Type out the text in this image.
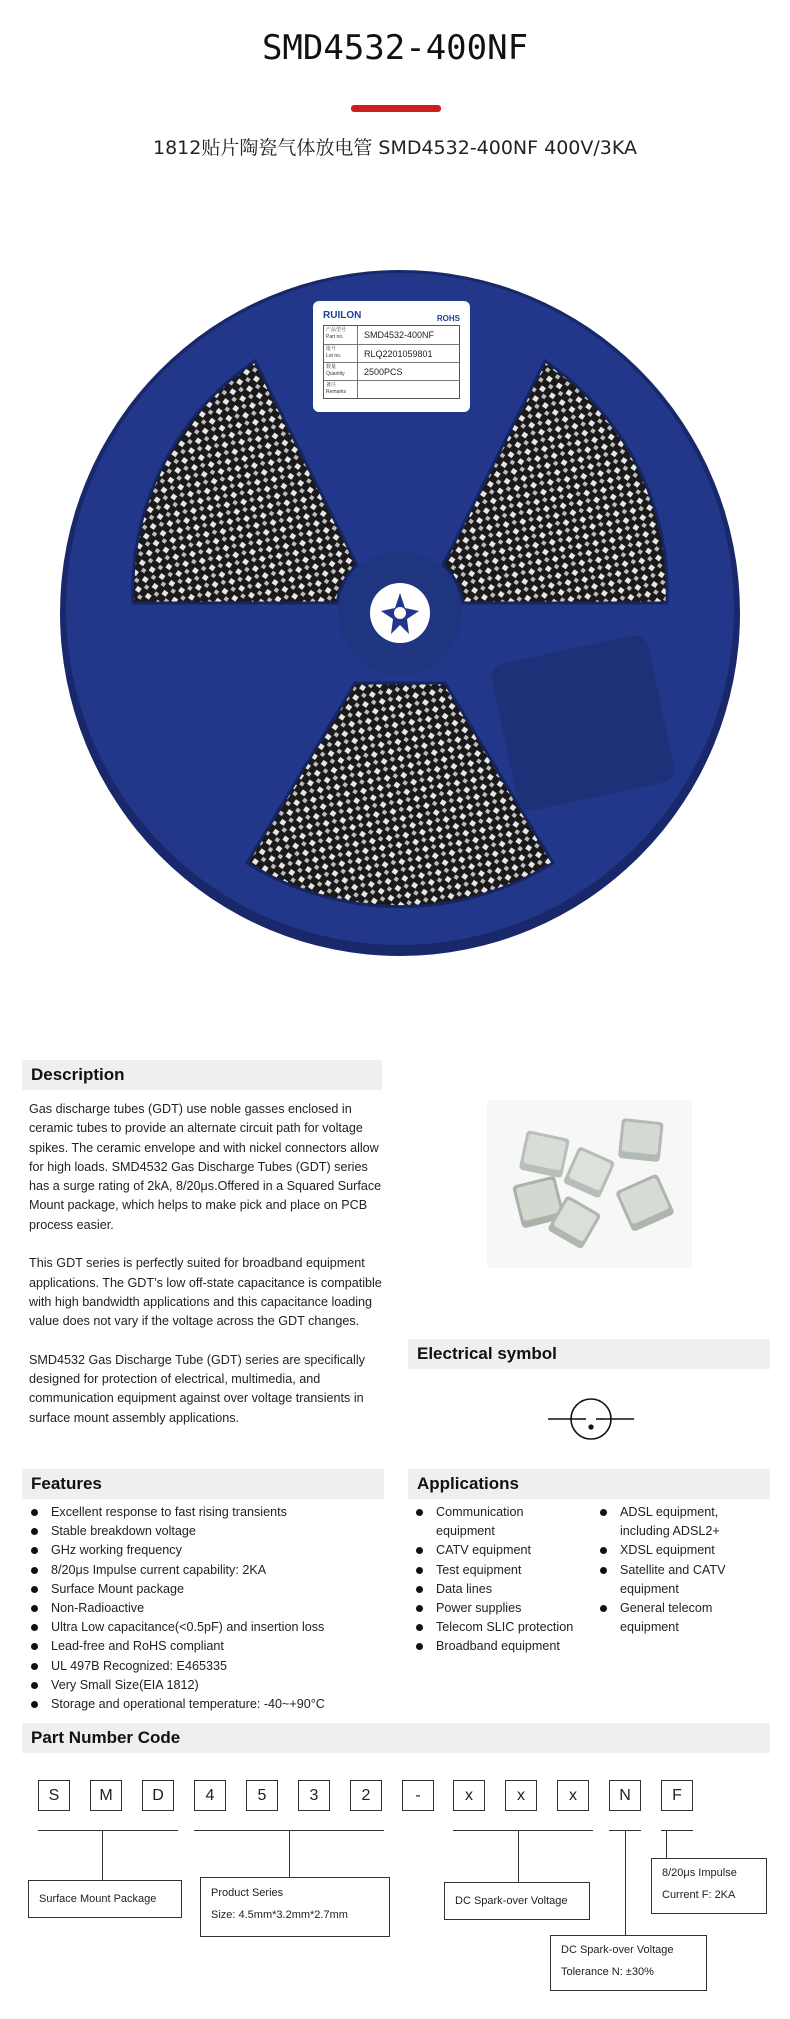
SMD4532-400NF
1812贴片陶瓷气体放电管 SMD4532-400NF 400V/3KA
RUILON	ROHS
产品型号
Part no.	SMD4532-400NF
批号
Lot no.	RLQ2201059801
数量
Quantity	2500PCS
备注
Remarks
Description

Gas discharge tubes (GDT) use noble gasses enclosed in ceramic tubes to provide an alternate circuit path for voltage spikes. The ceramic envelope and with nickel connectors allow for high loads. SMD4532 Gas Discharge Tubes (GDT) series has a surge rating of 2kA, 8/20μs.Offered in a Squared Surface Mount package, which helps to make pick and place on PCB process easier.

This GDT series is perfectly suited for broadband equipment applications. The GDT’s low off-state capacitance is compatible with high bandwidth applications and this capacitance loading value does not vary if the voltage across the GDT changes.

SMD4532 Gas Discharge Tube (GDT) series are specifically designed for protection of electrical, multimedia, and communication equipment against over voltage transients in surface mount assembly applications.

Electrical symbol
Features
Excellent response to fast rising transients
Stable breakdown voltage
GHz working frequency
8/20μs Impulse current capability: 2KA
Surface Mount package
Non-Radioactive
Ultra Low capacitance(<0.5pF) and insertion loss
Lead-free and RoHS compliant
UL 497B Recognized: E465335
Very Small Size(EIA 1812)
Storage and operational temperature: -40~+90°C
Applications
Communication equipment
CATV equipment
Test equipment
Data lines
Power supplies
Telecom SLIC protection
Broadband equipment
ADSL equipment, including ADSL2+
XDSL equipment
Satellite and CATV equipment
General telecom equipment
Part Number Code
S	M	D	4	5	3	2	-	x	x	x	N	F
Surface Mount Package	Product Series
Size: 4.5mm*3.2mm*2.7mm
DC Spark-over Voltage
DC Spark-over Voltage
Tolerance N: ±30%
8/20μs Impulse
Current F: 2KA
